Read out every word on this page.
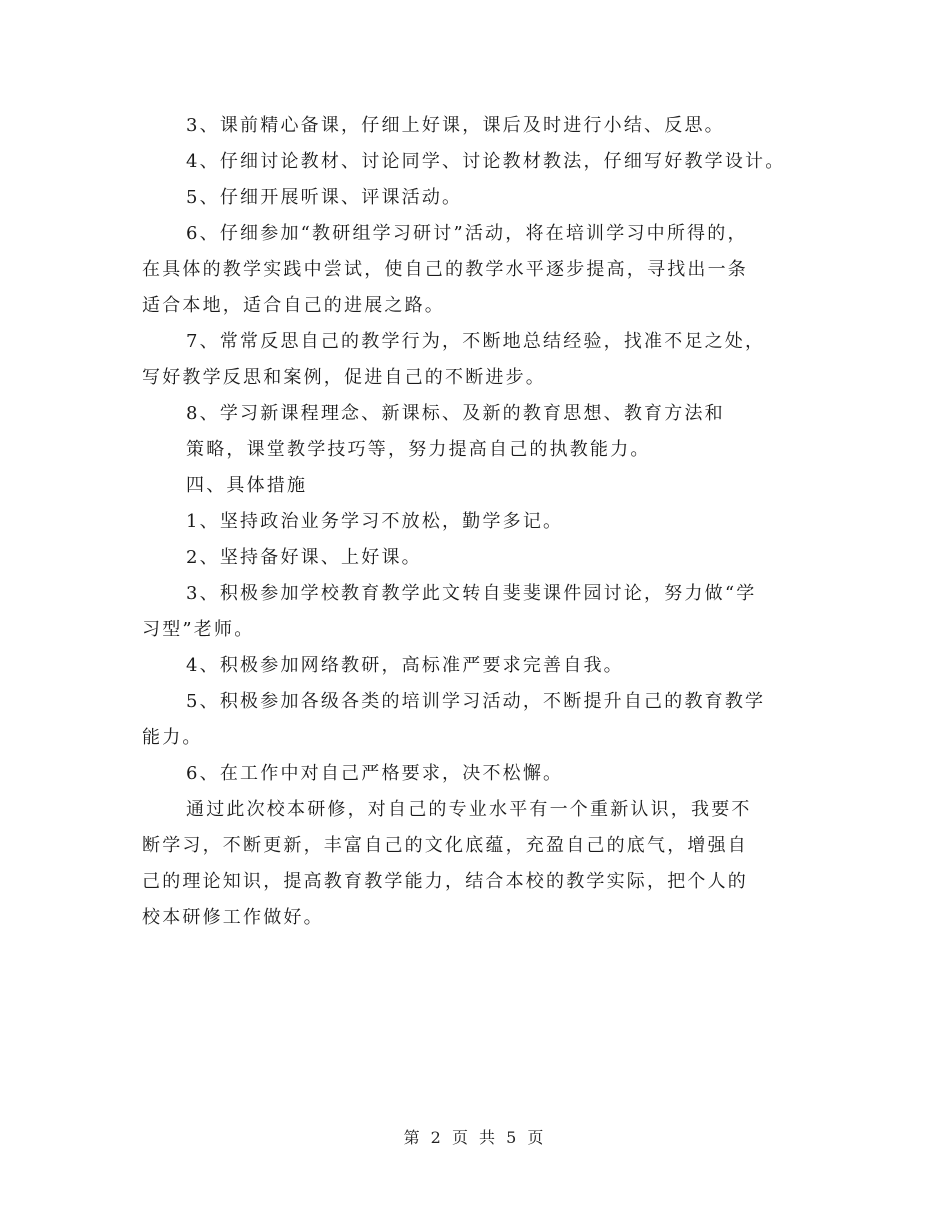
3、课前精心备课，仔细上好课，课后及时进行小结、反思。

4、仔细讨论教材、讨论同学、讨论教材教法，仔细写好教学设计。

5、仔细开展听课、评课活动。

6、仔细参加“教研组学习研讨”活动，将在培训学习中所得的，
在具体的教学实践中尝试，使自己的教学水平逐步提高，寻找出一条
适合本地，适合自己的进展之路。

7、常常反思自己的教学行为，不断地总结经验，找准不足之处，
写好教学反思和案例，促进自己的不断进步。

8、学习新课程理念、新课标、及新的教育思想、教育方法和
策略，课堂教学技巧等，努力提高自己的执教能力。

四、具体措施

1、坚持政治业务学习不放松，勤学多记。

2、坚持备好课、上好课。

3、积极参加学校教育教学此文转自斐斐课件园讨论，努力做“学
习型”老师。

4、积极参加网络教研，高标准严要求完善自我。

5、积极参加各级各类的培训学习活动，不断提升自己的教育教学
能力。

6、在工作中对自己严格要求，决不松懈。

通过此次校本研修，对自己的专业水平有一个重新认识，我要不
断学习，不断更新，丰富自己的文化底蕴，充盈自己的底气，增强自
己的理论知识，提高教育教学能力，结合本校的教学实际，把个人的
校本研修工作做好。

第 2 页 共 5 页
